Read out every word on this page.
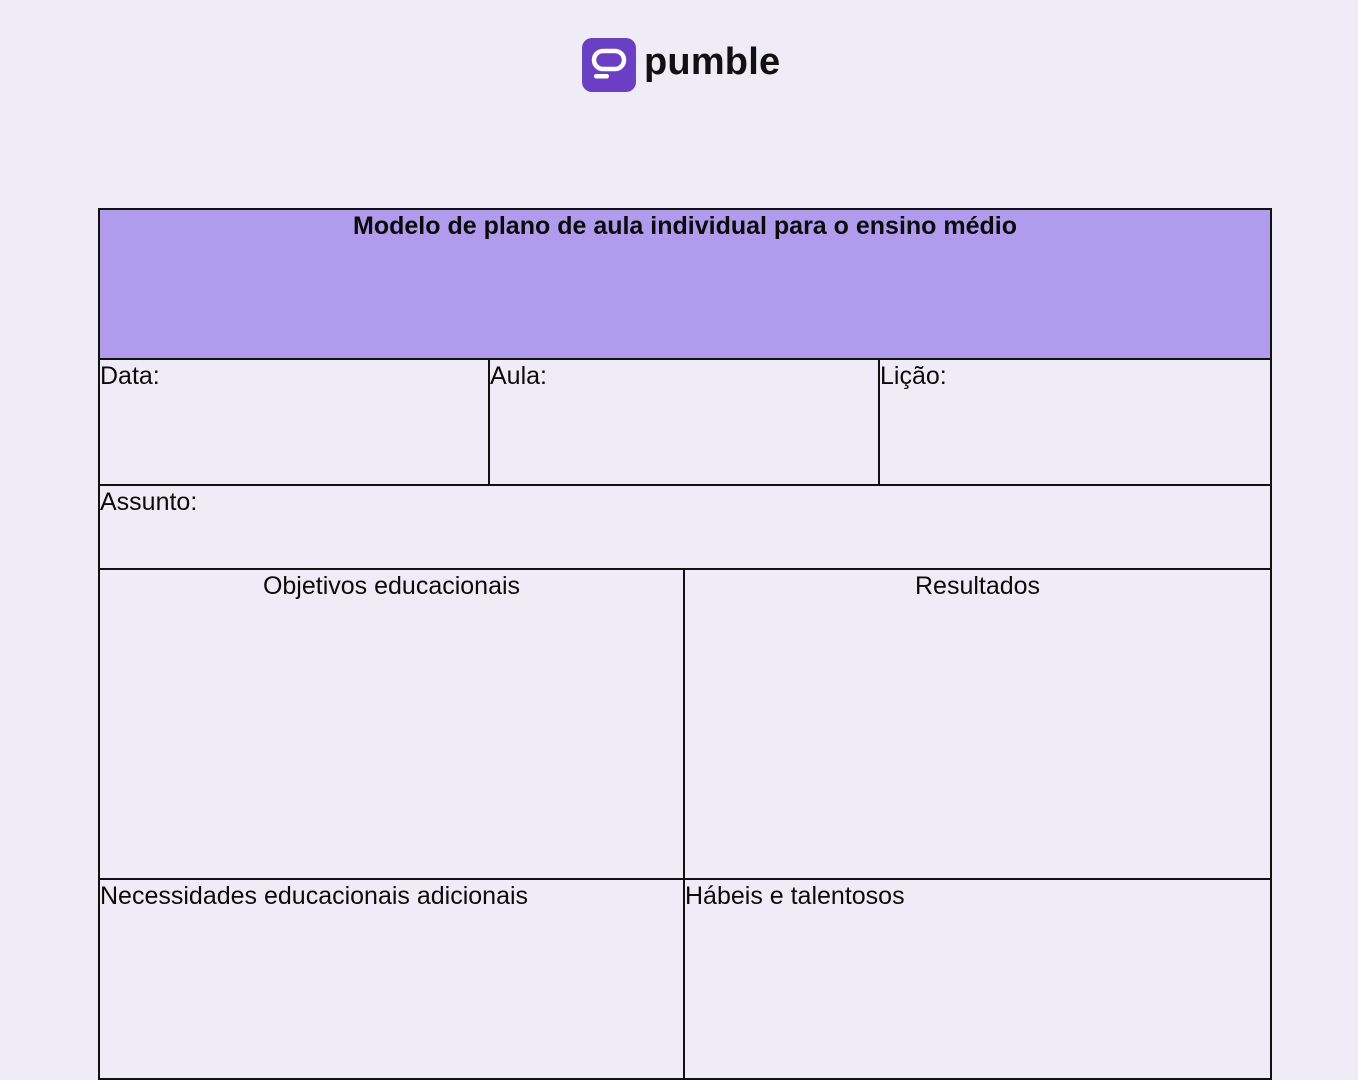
pumble
Modelo de plano de aula individual para o ensino médio			
Data:	Aula:		Lição:
Assunto:			
Objetivos educacionais		Resultados	
Necessidades educacionais adicionais		Hábeis e talentosos	
